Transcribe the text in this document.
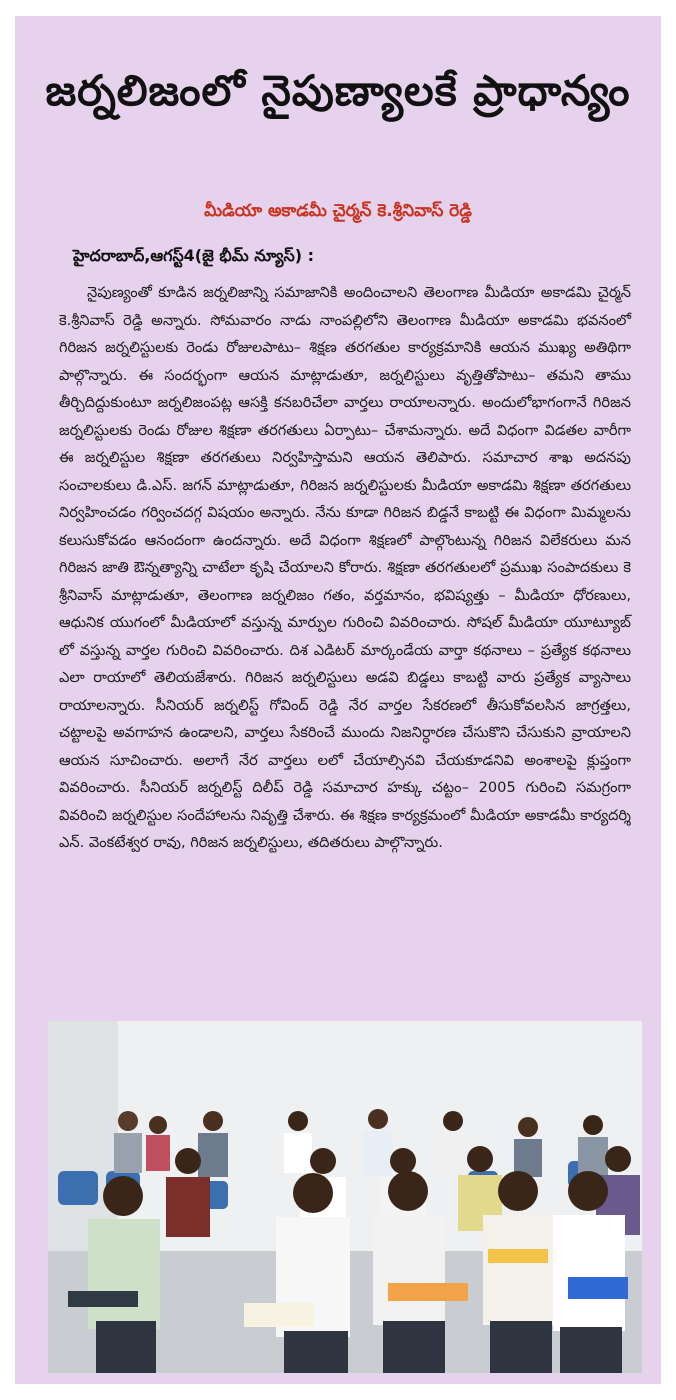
జర్నలిజంలో నైపుణ్యాలకే ప్రాధాన్యం
మీడియా అకాడమీ చైర్మన్ కె.శ్రీనివాస్ రెడ్డి
హైదరాబాద్,ఆగస్ట్4(జై భీమ్ న్యూస్) :

నైపుణ్యంతో కూడిన జర్నలిజాన్ని సమాజానికి అందించాలని తెలంగాణ మీడియా అకాడమి చైర్మన్ కె.శ్రీనివాస్ రెడ్డి అన్నారు. సోమవారం నాడు నాంపల్లిలోని తెలంగాణ మీడియా అకాడమి భవనంలో గిరిజన జర్నలిస్టులకు రెండు రోజులపాటు– శిక్షణ తరగతుల కార్యక్రమానికి ఆయన ముఖ్య అతిథిగా పాల్గొన్నారు. ఈ సందర్భంగా ఆయన మాట్లాడుతూ, జర్నలిస్టులు వృత్తితోపాటు– తమని తాము తీర్చిదిద్దుకుంటూ జర్నలిజంపట్ల ఆసక్తి కనబరిచేలా వార్తలు రాయాలన్నారు. అందులోభాగంగానే గిరిజన జర్నలిస్టులకు రెండు రోజుల శిక్షణా తరగతులు ఏర్పాటు– చేశామన్నారు. అదే విధంగా విడతల వారీగా ఈ జర్నలిస్టుల శిక్షణా తరగతులు నిర్వహిస్తామని ఆయన తెలిపారు. సమాచార శాఖ అదనపు సంచాలకులు డి.ఎస్. జగన్ మాట్లాడుతూ, గిరిజన జర్నలిస్టులకు మీడియా అకాడమి శిక్షణా తరగతులు నిర్వహించడం గర్వించదగ్గ విషయం అన్నారు. నేను కూడా గిరిజన బిడ్డనే కాబట్టి ఈ విధంగా మిమ్మలను కలుసుకోవడం ఆనందంగా ఉందన్నారు. అదే విధంగా శిక్షణలో పాల్గొంటున్న గిరిజన విలేకరులు మన గిరిజన జాతి ఔన్నత్యాన్ని చాటేలా కృషి చేయాలని కోరారు. శిక్షణా తరగతులలో ప్రముఖ సంపాదకులు కె శ్రీనివాస్ మాట్లాడుతూ, తెలంగాణ జర్నలిజం గతం, వర్తమానం, భవిష్యత్తు – మీడియా ధోరణులు, ఆధునిక యుగంలో మీడియాలో వస్తున్న మార్పుల గురించి వివరించారు. సోషల్ మీడియా యూట్యూబ్ లో వస్తున్న వార్తల గురించి వివరించారు. దిశ ఎడిటర్ మార్కండేయ వార్తా కథనాలు – ప్రత్యేక కథనాలు ఎలా రాయాలో తెలియజేశారు. గిరిజన జర్నలిస్టులు అడవి బిడ్డలు కాబట్టి వారు ప్రత్యేక వ్యాసాలు రాయాలన్నారు. సీనియర్ జర్నలిస్ట్ గోవింద్ రెడ్డి నేర వార్తల సేకరణలో తీసుకోవలసిన జాగ్రత్తలు, చట్టాలపై అవగాహన ఉండాలని, వార్తలు సేకరించే ముందు నిజనిర్ధారణ చేసుకొని చేసుకుని వ్రాయాలని ఆయన సూచించారు. అలాగే నేర వార్తలు లలో చేయాల్సినవి చేయకూడనివి అంశాలపై క్లుప్తంగా వివరించారు. సీనియర్ జర్నలిస్ట్ దిలీప్ రెడ్డి సమాచార హక్కు చట్టం– 2005 గురించి సమగ్రంగా వివరించి జర్నలిస్టుల సందేహాలను నివృత్తి చేశారు. ఈ శిక్షణ కార్యక్రమంలో మీడియా అకాడమీ కార్యదర్శి ఎన్. వెంకటేశ్వర రావు, గిరిజన జర్నలిస్టులు, తదితరులు పాల్గొన్నారు.
